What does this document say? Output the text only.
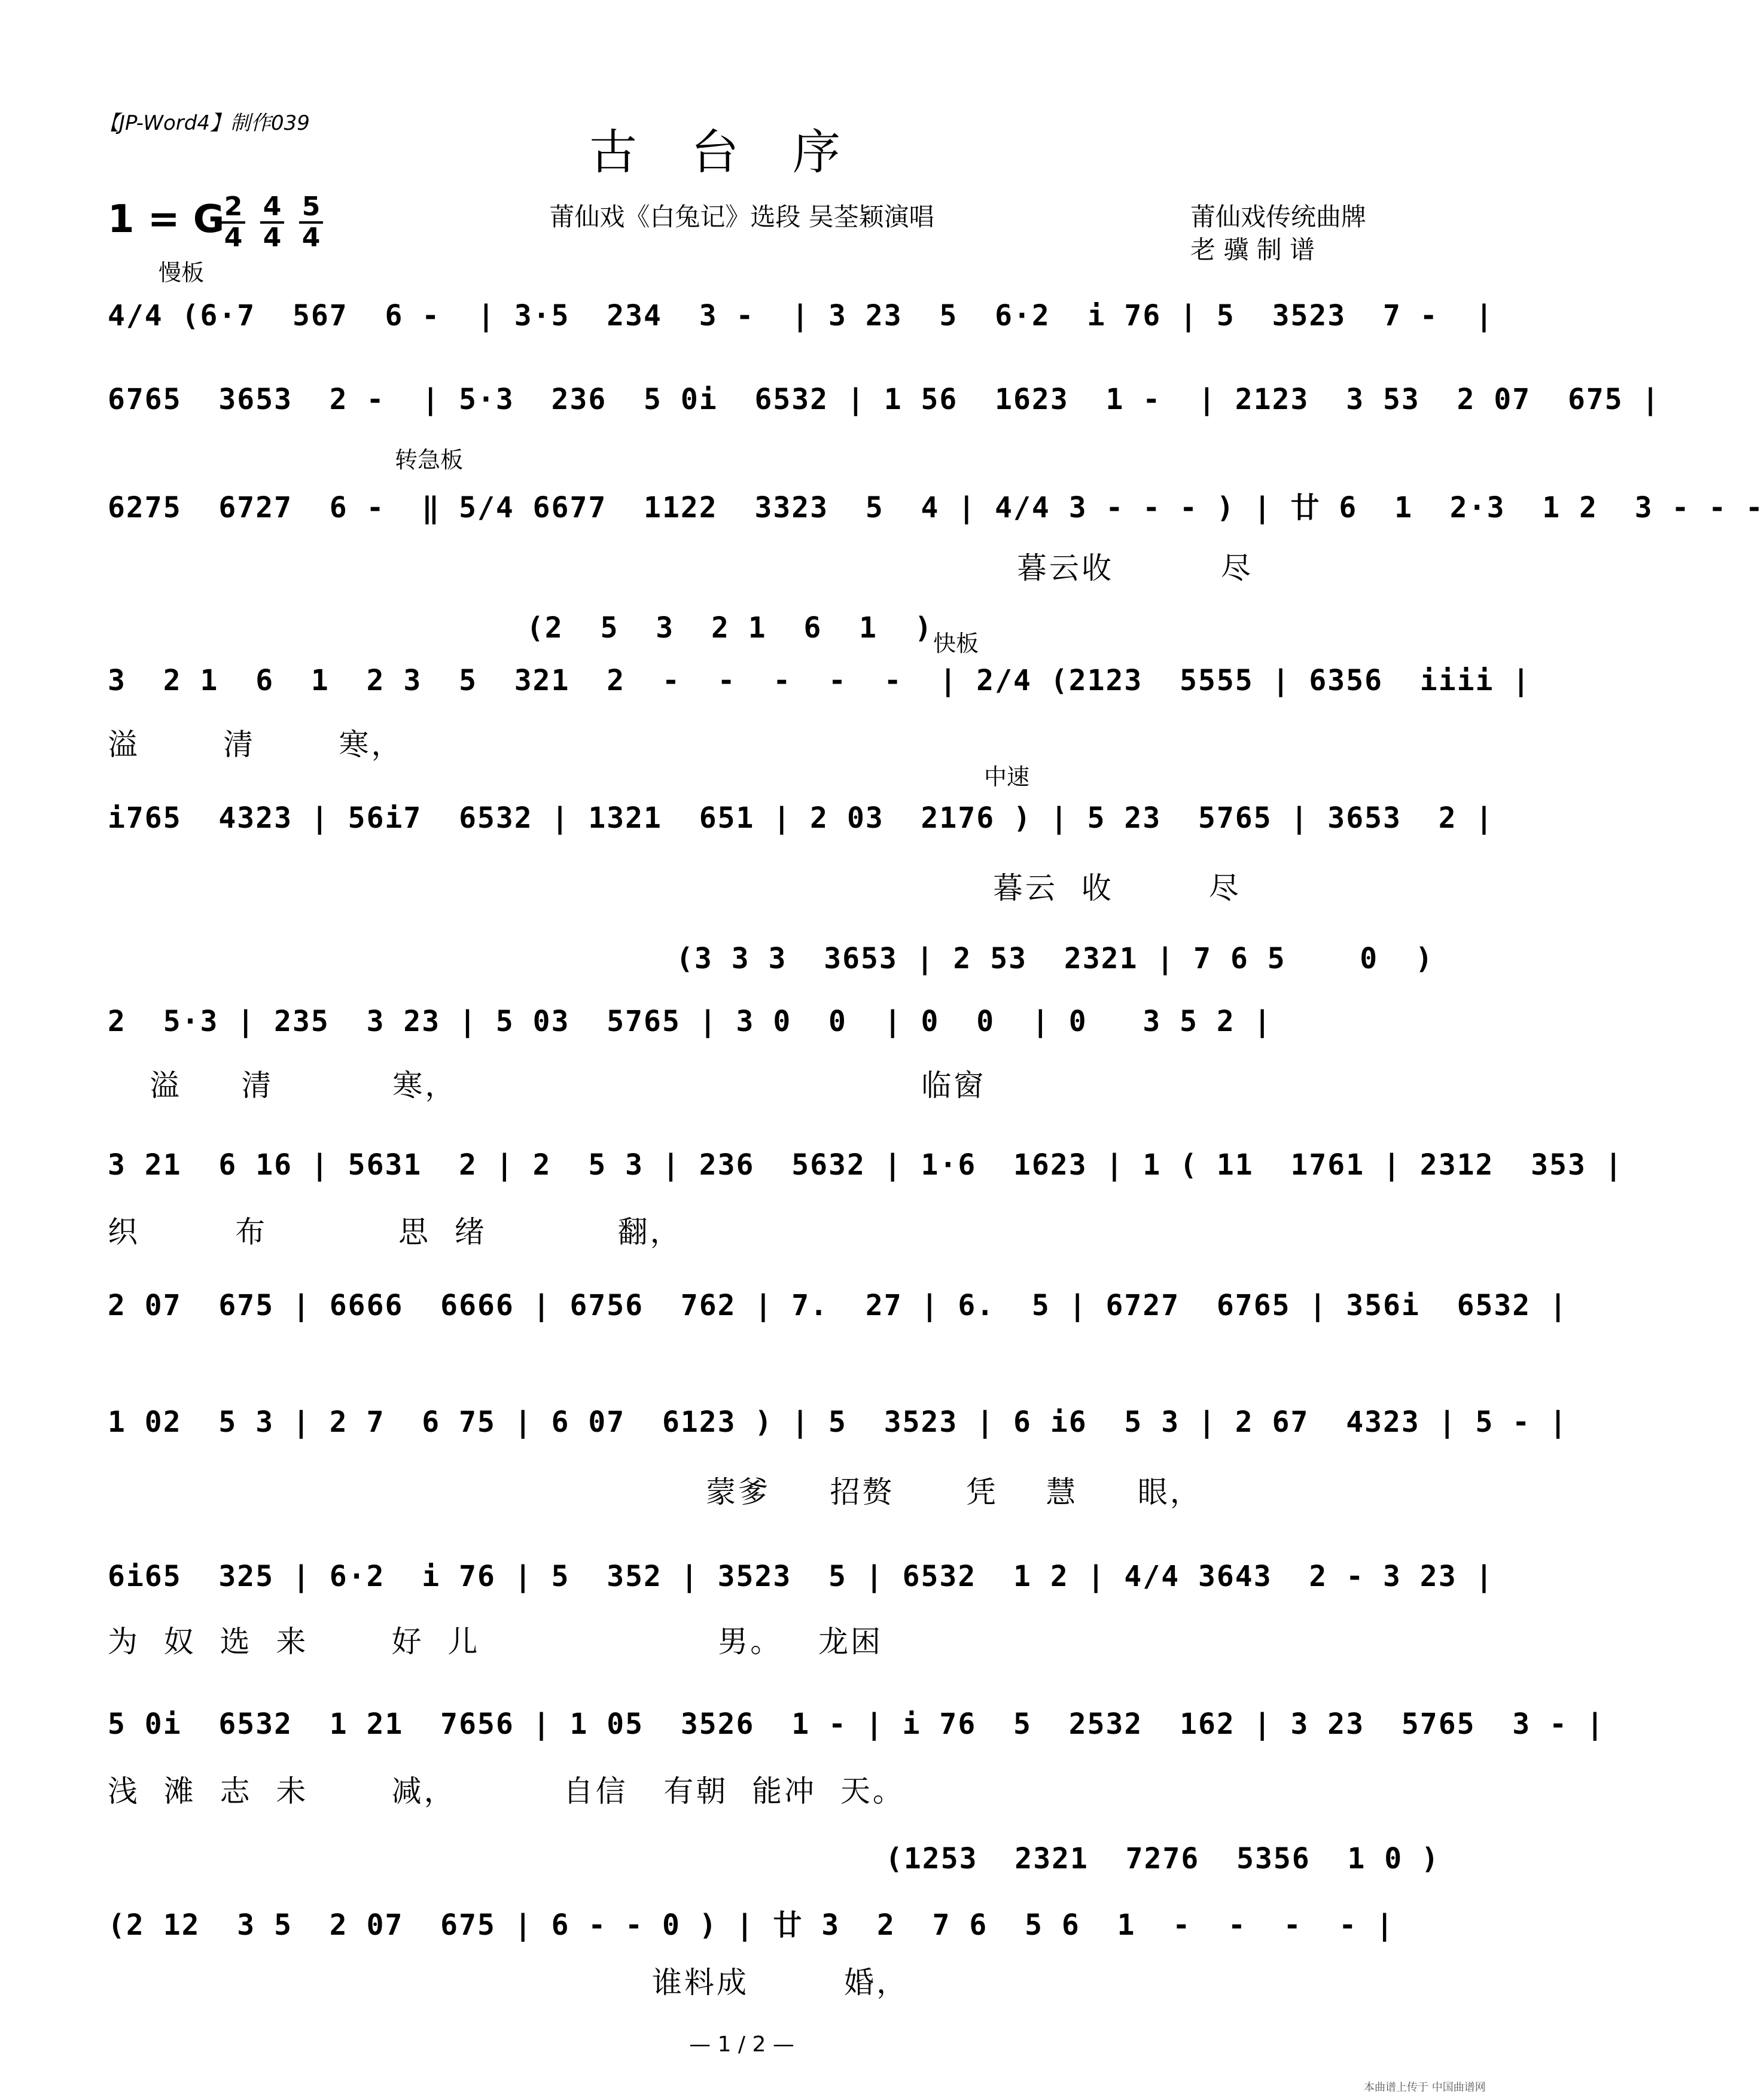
【JP-Word4】制作039
古台序
1 = G 2
4
4
4
5
4
莆仙戏《白兔记》选段 吴荃颖演唱	莆仙戏传统曲牌
老 骥 制 谱
慢板
转急板
快板
中速
4/4 (6·7  567  6 -  | 3·5  234  3 -  | 3 23  5  6·2  i 76 | 5  3523  7 -  |
6765  3653  2 -  | 5·3  236  5 0i  6532 | 1 56  1623  1 -  | 2123  3 53  2 07  675 |
6275  6727  6 -  ‖ 5/4 6677  1122  3323  5  4 | 4/4 3 - - - ) | 廿 6  1  2·3  1 2  3 - - -
暮云收         尽
(2  5  3  2 1  6  1  )
3  2 1  6  1  2 3  5  321  2  -  -  -  -  -  | 2/4 (2123  5555 | 6356  iiii |
溢       清       寒，
i765  4323 | 56i7  6532 | 1321  651 | 2 03  2176 ) | 5 23  5765 | 3653  2 |
暮云  收        尽
(3 3 3  3653 | 2 53  2321 | 7 6 5    0  )
2  5·3 | 235  3 23 | 5 03  5765 | 3 0  0  | 0  0  | 0   3 5 2 |
溢     清          寒，                                       临窗
3 21  6 16 | 5631  2 | 2  5 3 | 236  5632 | 1·6  1623 | 1 ( 11  1761 | 2312  353 |
织        布           思  绪           翻，
2 07  675 | 6666  6666 | 6756  762 | 7.  27 | 6.  5 | 6727  6765 | 356i  6532 |
1 02  5 3 | 2 7  6 75 | 6 07  6123 ) | 5  3523 | 6 i6  5 3 | 2 67  4323 | 5 - |
蒙爹     招赘      凭    慧     眼，
6i65  325 | 6·2  i 76 | 5  352 | 3523  5 | 6532  1 2 | 4/4 3643  2 - 3 23 |
为  奴  选  来       好  儿                    男。   龙困
5 0i  6532  1 21  7656 | 1 05  3526  1 - | i 76  5  2532  162 | 3 23  5765  3 - |
浅  滩  志  未       减，         自信   有朝  能冲  天。
(1253  2321  7276  5356  1 0 )
(2 12  3 5  2 07  675 | 6 - - 0 ) | 廿 3  2  7 6  5 6  1  -  -  -  - |
谁料成        婚，
— 1 / 2 —
本曲谱上传于 中国曲谱网
